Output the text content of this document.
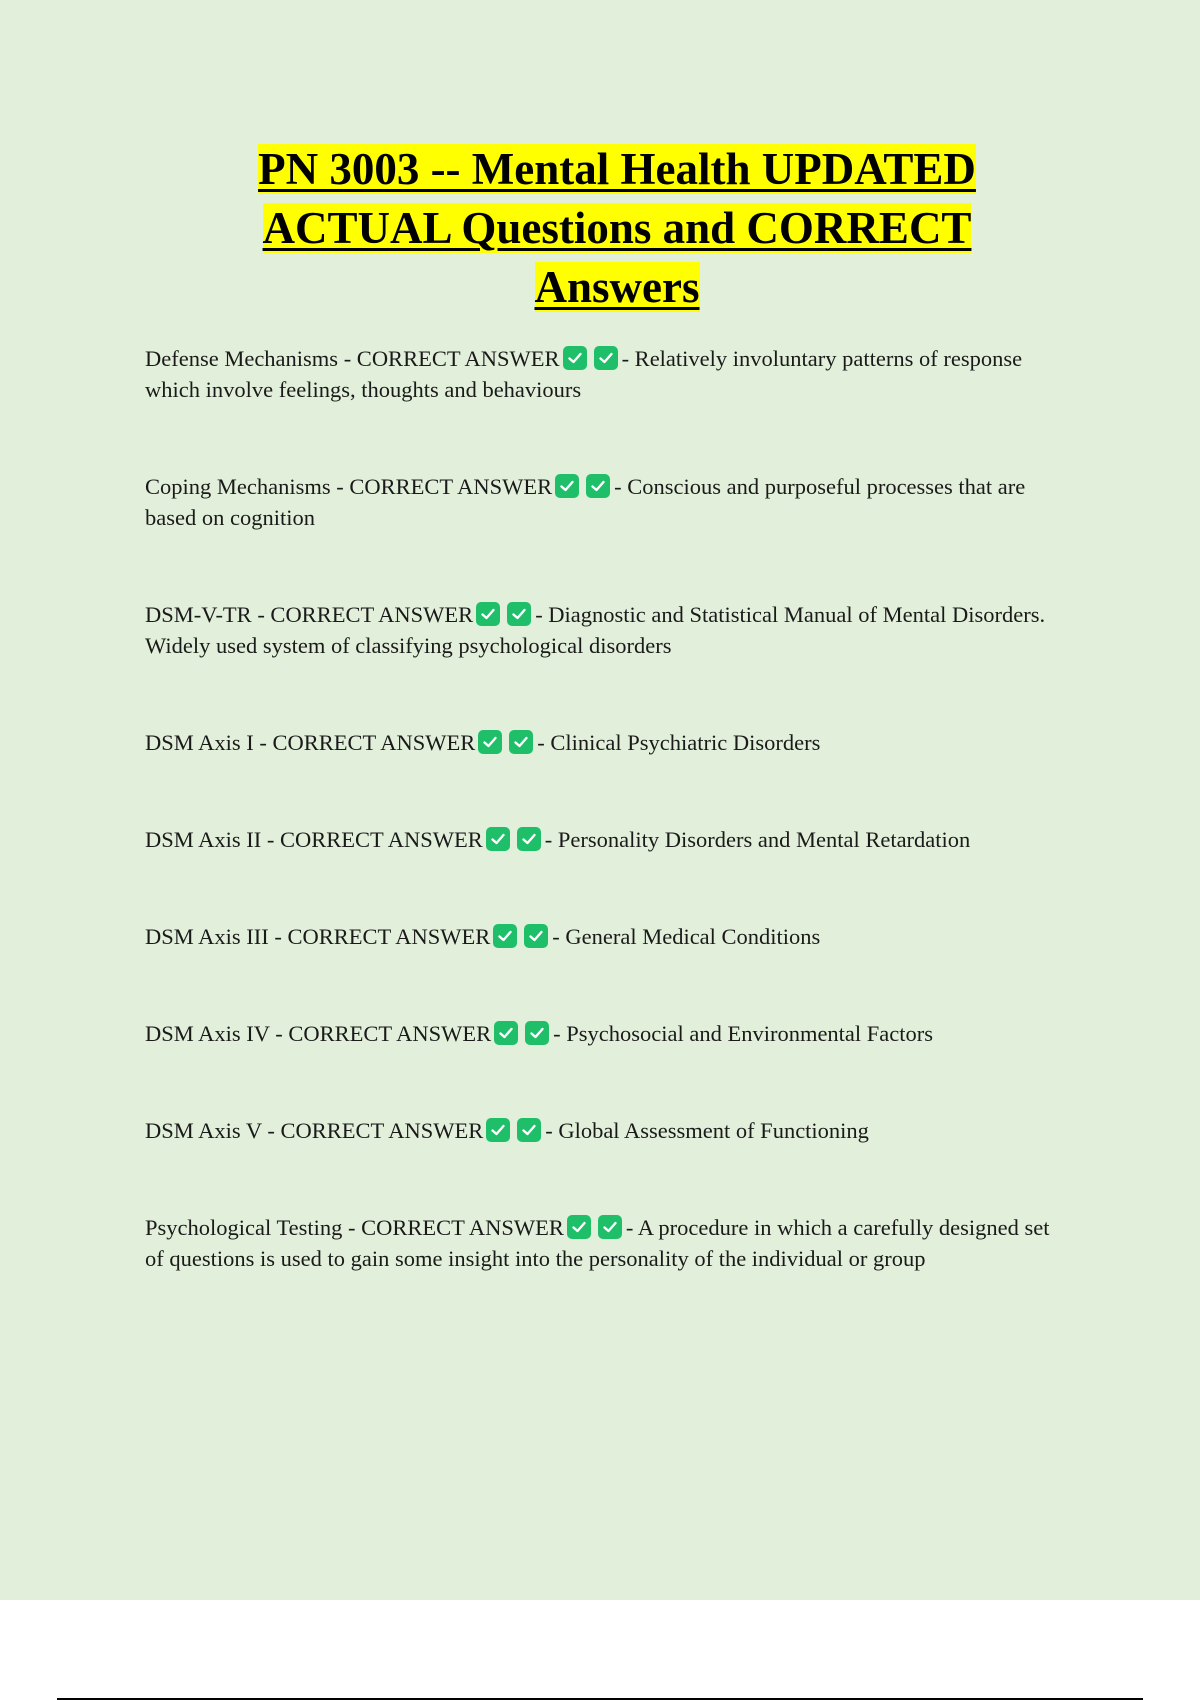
PN 3003 -- Mental Health UPDATED
ACTUAL Questions and CORRECT
Answers

Defense Mechanisms - CORRECT ANSWER	- Relatively involuntary patterns of response which involve feelings, thoughts and behaviours

Coping Mechanisms - CORRECT ANSWER	- Conscious and purposeful processes that are based on cognition

DSM-V-TR - CORRECT ANSWER	- Diagnostic and Statistical Manual of Mental Disorders. Widely used system of classifying psychological disorders

DSM Axis I - CORRECT ANSWER	- Clinical Psychiatric Disorders

DSM Axis II - CORRECT ANSWER	- Personality Disorders and Mental Retardation

DSM Axis III - CORRECT ANSWER	- General Medical Conditions

DSM Axis IV - CORRECT ANSWER	- Psychosocial and Environmental Factors

DSM Axis V - CORRECT ANSWER	- Global Assessment of Functioning

Psychological Testing - CORRECT ANSWER	- A procedure in which a carefully designed set of questions is used to gain some insight into the personality of the individual or group
